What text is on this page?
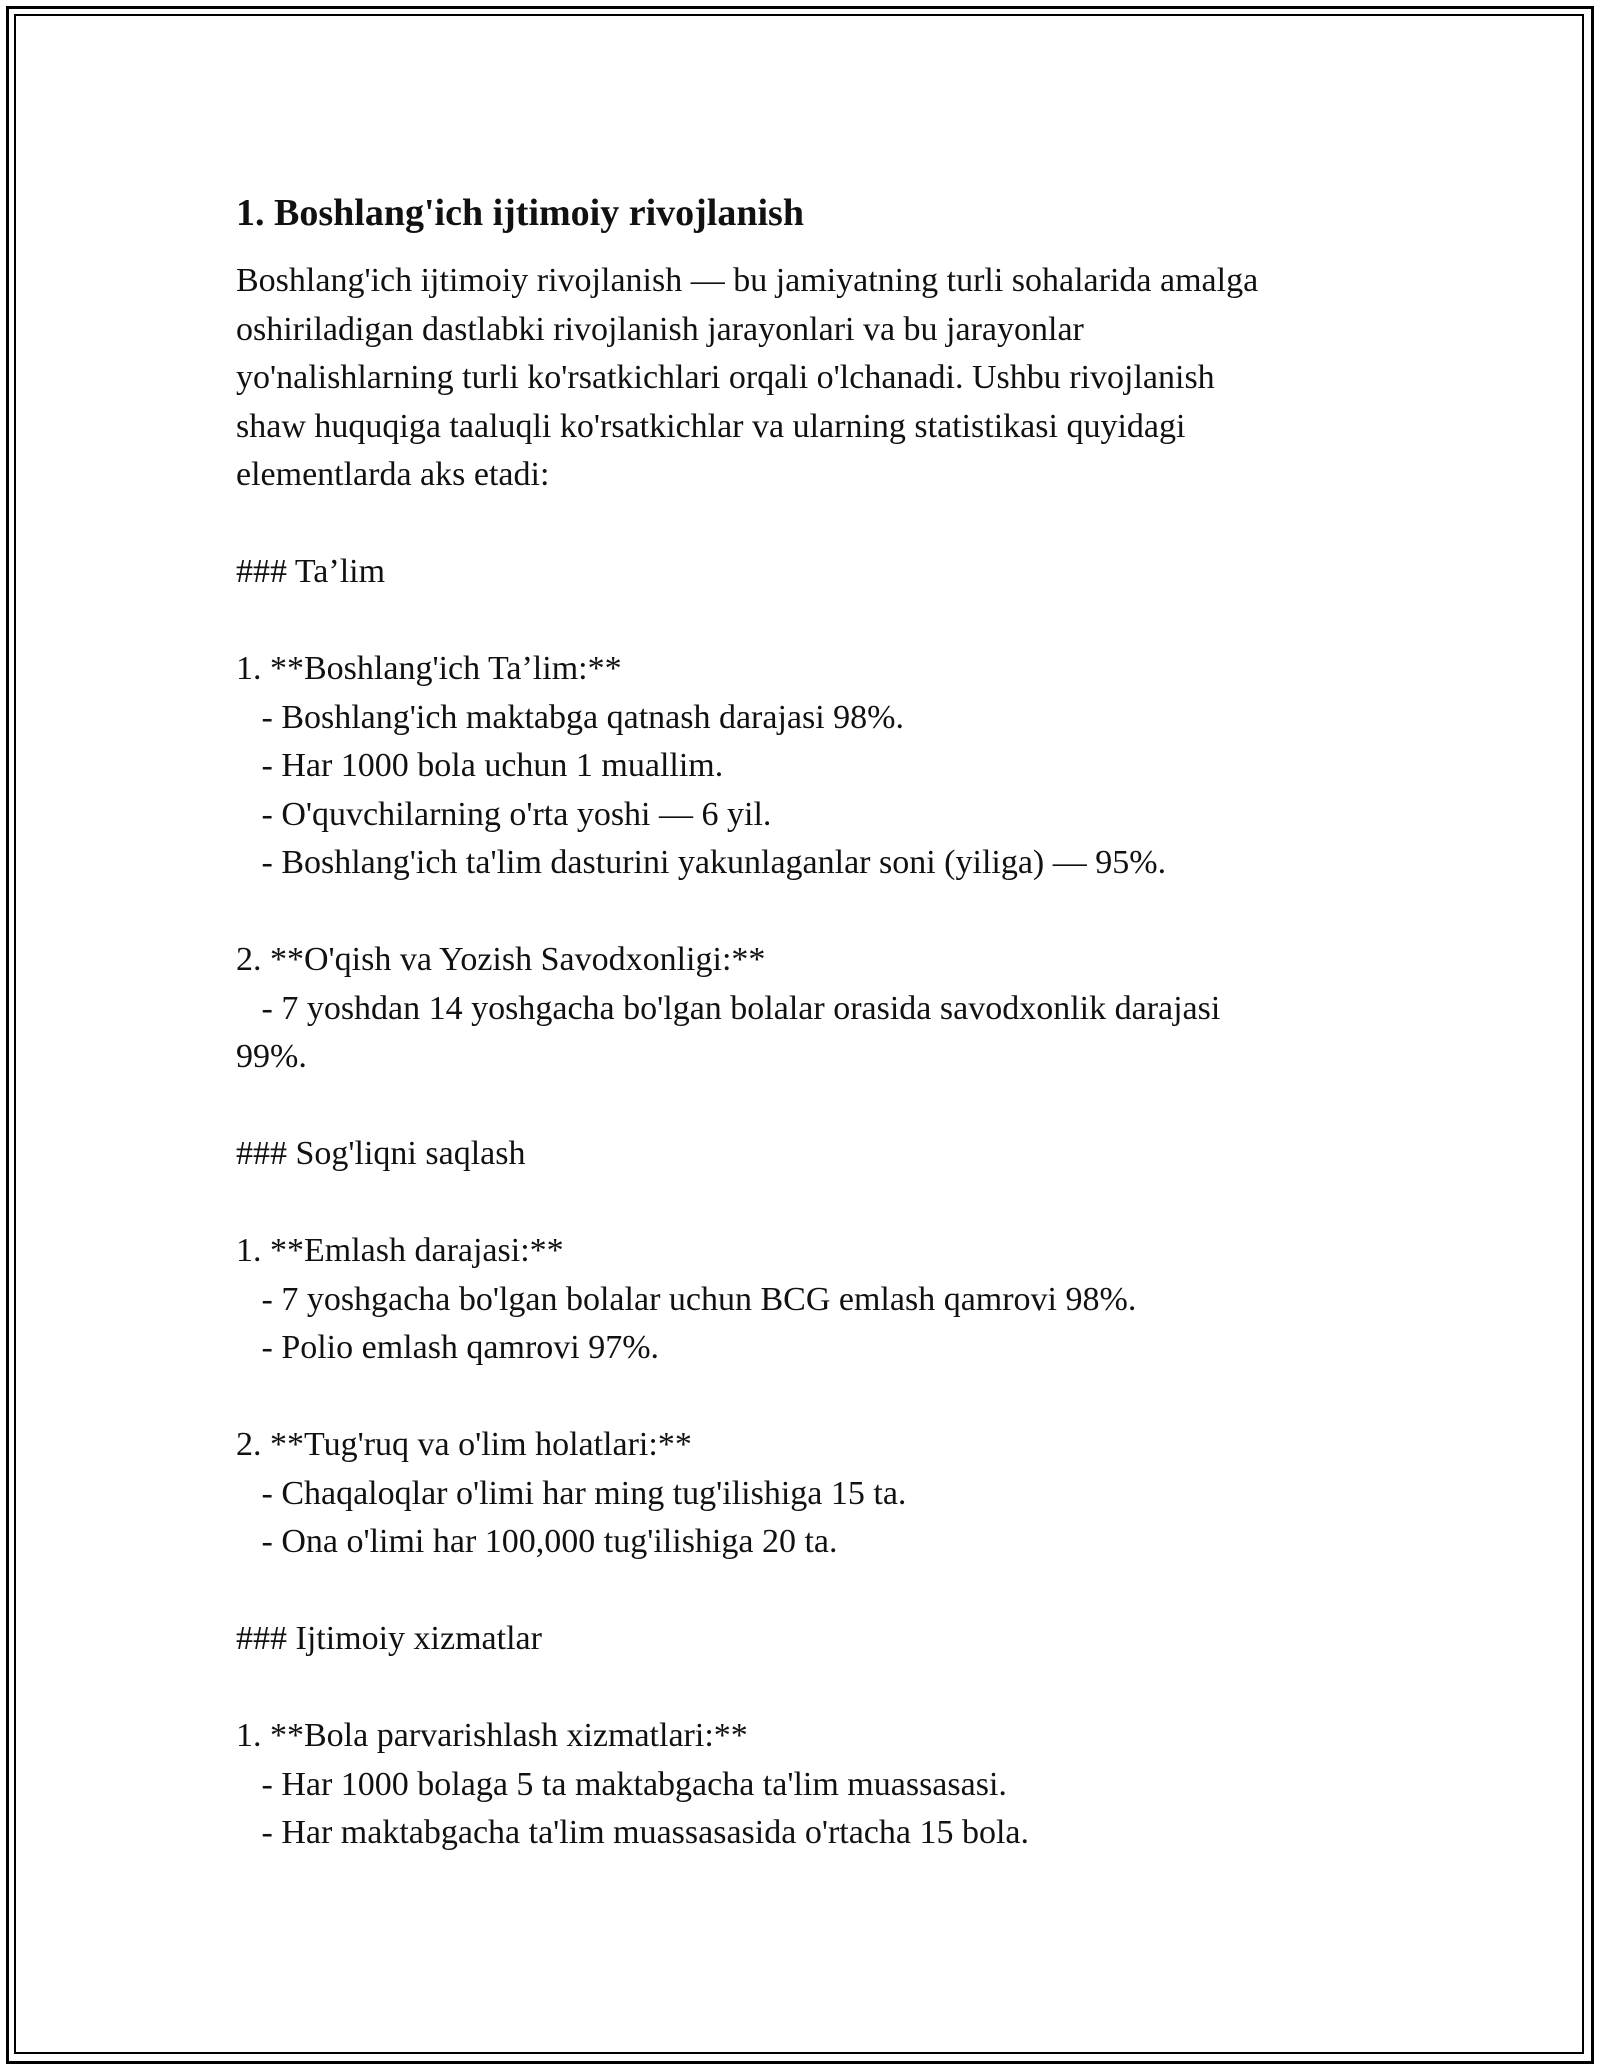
1. Boshlang'ich ijtimoiy rivojlanish
Boshlang'ich ijtimoiy rivojlanish — bu jamiyatning turli sohalarida amalga
oshiriladigan dastlabki rivojlanish jarayonlari va bu jarayonlar
yo'nalishlarning turli ko'rsatkichlari orqali o'lchanadi. Ushbu rivojlanish
shaw huquqiga taaluqli ko'rsatkichlar va ularning statistikasi quyidagi
elementlarda aks etadi:
### Ta’lim
1. **Boshlang'ich Ta’lim:**
- Boshlang'ich maktabga qatnash darajasi 98%.
- Har 1000 bola uchun 1 muallim.
- O'quvchilarning o'rta yoshi — 6 yil.
- Boshlang'ich ta'lim dasturini yakunlaganlar soni (yiliga) — 95%.
2. **O'qish va Yozish Savodxonligi:**
- 7 yoshdan 14 yoshgacha bo'lgan bolalar orasida savodxonlik darajasi
99%.
### Sog'liqni saqlash
1. **Emlash darajasi:**
- 7 yoshgacha bo'lgan bolalar uchun BCG emlash qamrovi 98%.
- Polio emlash qamrovi 97%.
2. **Tug'ruq va o'lim holatlari:**
- Chaqaloqlar o'limi har ming tug'ilishiga 15 ta.
- Ona o'limi har 100,000 tug'ilishiga 20 ta.
### Ijtimoiy xizmatlar
1. **Bola parvarishlash xizmatlari:**
- Har 1000 bolaga 5 ta maktabgacha ta'lim muassasasi.
- Har maktabgacha ta'lim muassasasida o'rtacha 15 bola.
